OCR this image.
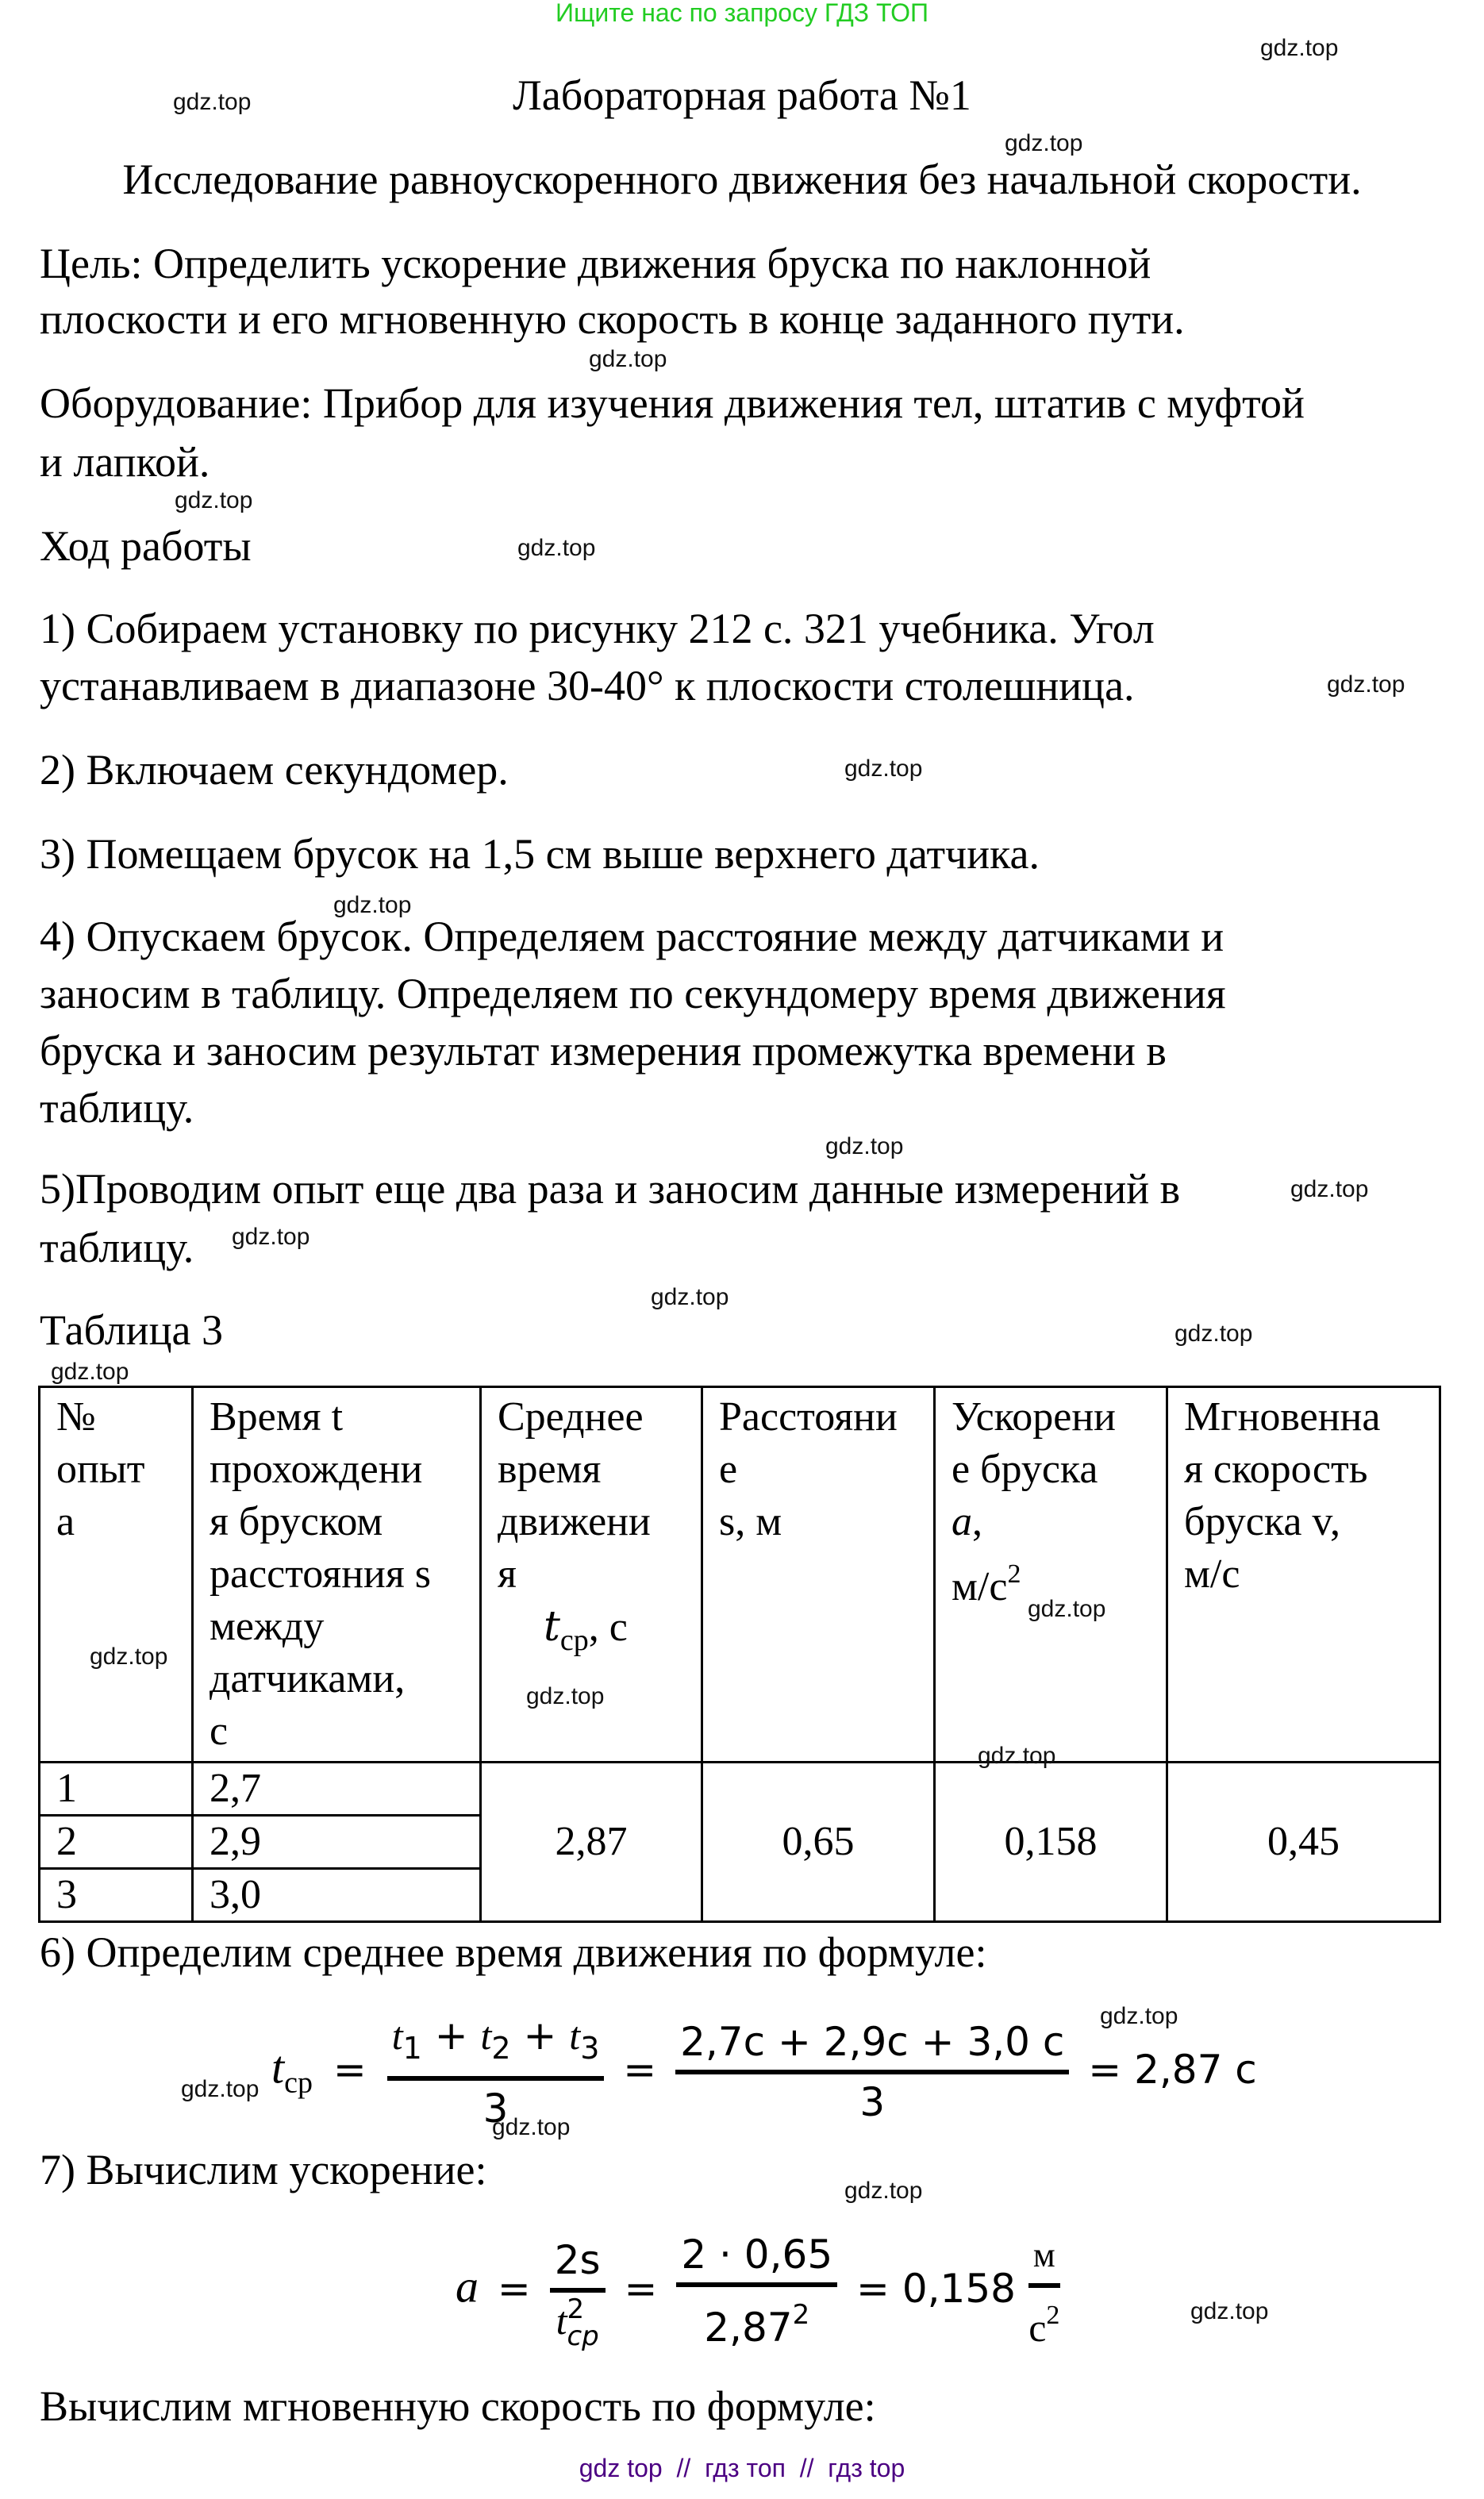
Ищите нас по запросу ГДЗ ТОП
gdz.top
gdz.top
gdz.top
gdz.top
gdz.top
gdz.top
gdz.top
gdz.top
gdz.top
gdz.top
gdz.top
gdz.top
gdz.top
gdz.top
gdz.top
Лабораторная работа №1
Исследование равноускоренного движения без начальной скорости.
Цель: Определить ускорение движения бруска по наклонной
плоскости и его мгновенную скорость в конце заданного пути.
Оборудование: Прибор для изучения движения тел, штатив с муфтой
и лапкой.
Ход работы
1) Собираем установку по рисунку 212 с. 321 учебника. Угол
устанавливаем в диапазоне 30-40° к плоскости столешница.
2) Включаем секундомер.
3) Помещаем брусок на 1,5 см выше верхнего датчика.
4) Опускаем брусок. Определяем расстояние между датчиками и
заносим в таблицу. Определяем по секундомеру время движения
бруска и заносим результат измерения промежутка времени в
таблицу.
5)Проводим опыт еще два раза и заносим данные измерений в
таблицу.
Таблица 3
№
опыт
а
gdz.top

Время t
прохождени
я бруском
расстояния s
между
датчиками,
с

Среднее
время
движени
я
$t_{ср}$, с
gdz.top

Расстояни
е
s, м

Ускорени
е бруска
a,
$м/с^2$
gdz.top

Мгновенна
я скорость
бруска v,
м/с

1	2,7	2,87	0,65	0,158	0,45
2	2,9				
3	3,0				
gdz.top
6) Определим среднее время движения по формуле:
gdz.top
gdz.top
gdz.top
$t_{ср} = \frac{t_1 + t_2 + t_3}{3} = \frac{2,7с + 2,9с + 3,0 с}{3} = 2,87$ с
7) Вычислим ускорение:	gdz.top
gdz.top
a = 2s
t 2
cp = $\frac{2 \cdot 0,65}{2,87^2} = 0,158 \frac{м}{с^2}$
Вычислим мгновенную скорость по формуле:
gdz top  //  гдз топ  //  гдз top
